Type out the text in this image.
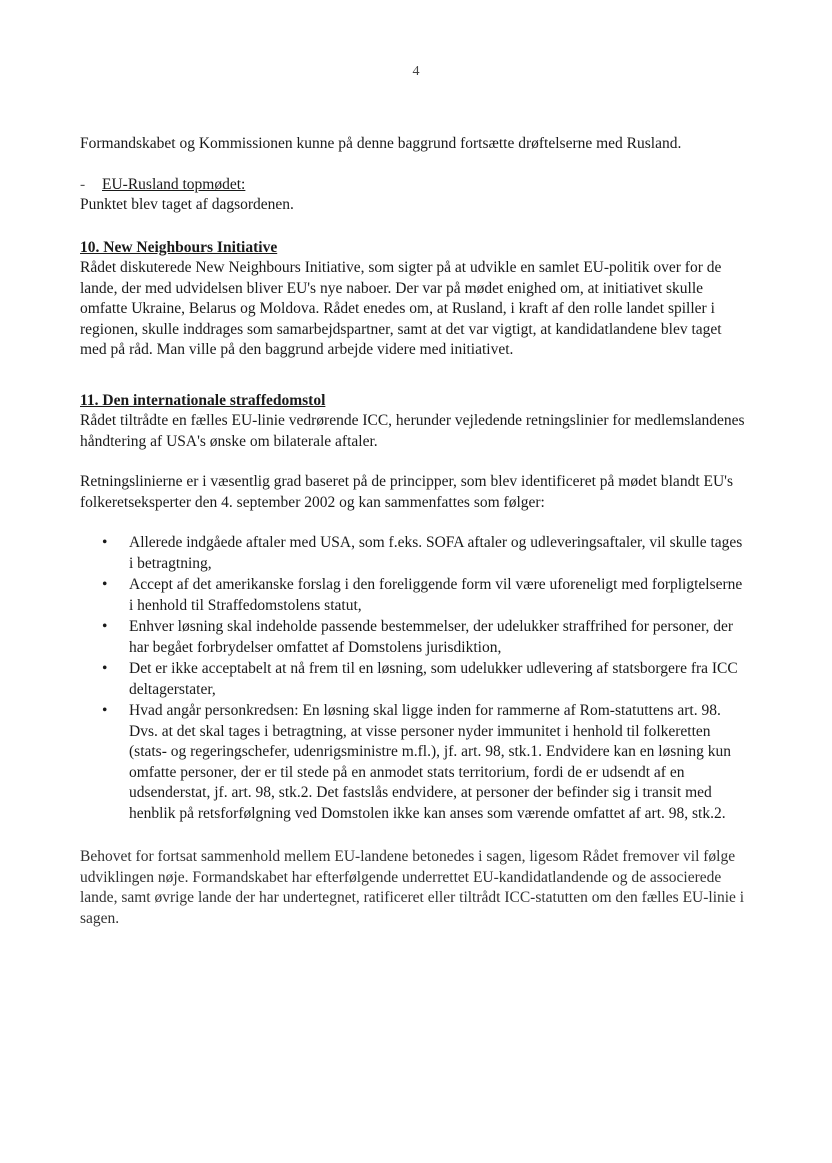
4

Formandskabet og Kommissionen kunne på denne baggrund fortsætte drøftelserne med Rusland.

- EU-Rusland topmødet:

Punktet blev taget af dagsordenen.

10. New Neighbours Initiative

Rådet diskuterede New Neighbours Initiative, som sigter på at udvikle en samlet EU-politik over for de lande, der med udvidelsen bliver EU's nye naboer. Der var på mødet enighed om, at initiativet skulle omfatte Ukraine, Belarus og Moldova. Rådet enedes om, at Rusland, i kraft af den rolle landet spiller i regionen, skulle inddrages som samarbejdspartner, samt at det var vigtigt, at kandidatlandene blev taget med på råd. Man ville på den baggrund arbejde videre med initiativet.

11. Den internationale straffedomstol

Rådet tiltrådte en fælles EU-linie vedrørende ICC, herunder vejledende retningslinier for medlemslandenes håndtering af USA's ønske om bilaterale aftaler.

Retningslinierne er i væsentlig grad baseret på de principper, som blev identificeret på mødet blandt EU's folkeretseksperter den 4. september 2002 og kan sammenfattes som følger:

• Allerede indgåede aftaler med USA, som f.eks. SOFA aftaler og udleveringsaftaler, vil skulle tages i betragtning,
• Accept af det amerikanske forslag i den foreliggende form vil være uforeneligt med forpligtelserne i henhold til Straffedomstolens statut,
• Enhver løsning skal indeholde passende bestemmelser, der udelukker straffrihed for personer, der har begået forbrydelser omfattet af Domstolens jurisdiktion,
• Det er ikke acceptabelt at nå frem til en løsning, som udelukker udlevering af statsborgere fra ICC deltagerstater,
• Hvad angår personkredsen: En løsning skal ligge inden for rammerne af Rom-statuttens art. 98. Dvs. at det skal tages i betragtning, at visse personer nyder immunitet i henhold til folkeretten (stats- og regeringschefer, udenrigsministre m.fl.), jf. art. 98, stk.1. Endvidere kan en løsning kun omfatte personer, der er til stede på en anmodet stats territorium, fordi de er udsendt af en udsenderstat, jf. art. 98, stk.2. Det fastslås endvidere, at personer der befinder sig i transit med henblik på retsforfølgning ved Domstolen ikke kan anses som værende omfattet af art. 98, stk.2.

Behovet for fortsat sammenhold mellem EU-landene betonedes i sagen, ligesom Rådet fremover vil følge udviklingen nøje. Formandskabet har efterfølgende underrettet EU-kandidatlandende og de associerede lande, samt øvrige lande der har undertegnet, ratificeret eller tiltrådt ICC-statutten om den fælles EU-linie i sagen.
